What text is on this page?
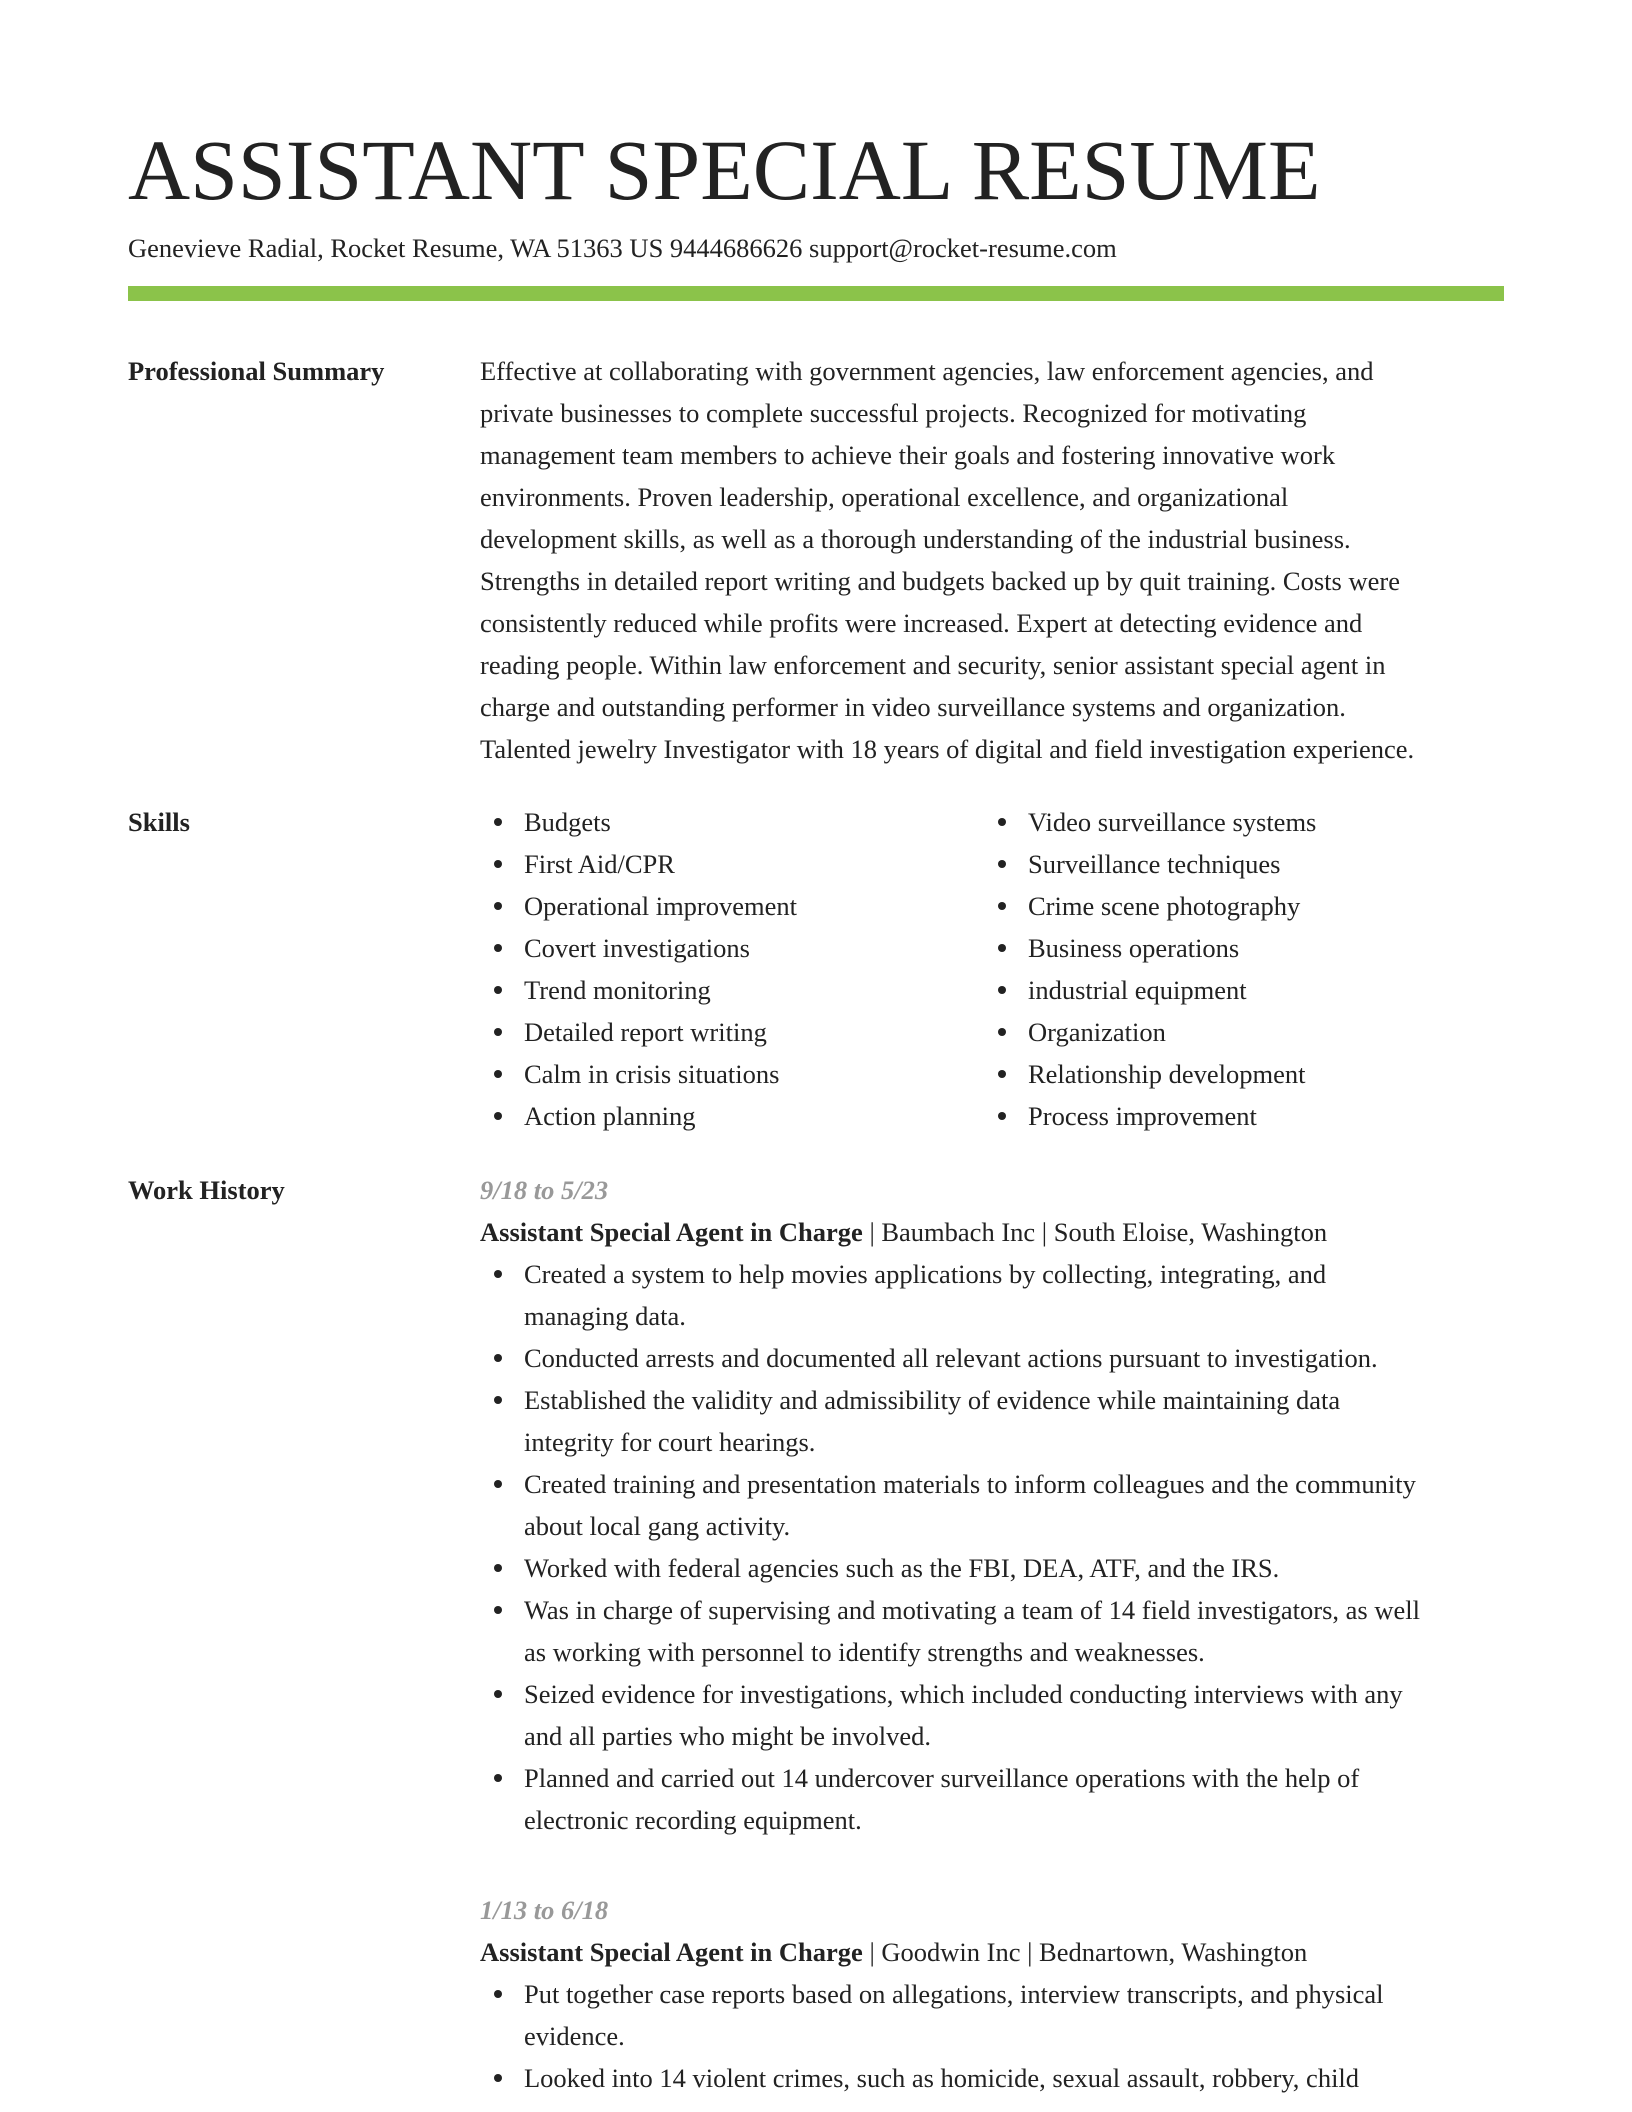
ASSISTANT SPECIAL RESUME
Genevieve Radial, Rocket Resume, WA 51363 US 9444686626 support@rocket-resume.com
Professional Summary	Effective at collaborating with government agencies, law enforcement agencies, and
private businesses to complete successful projects. Recognized for motivating
management team members to achieve their goals and fostering innovative work
environments. Proven leadership, operational excellence, and organizational
development skills, as well as a thorough understanding of the industrial business.
Strengths in detailed report writing and budgets backed up by quit training. Costs were
consistently reduced while profits were increased. Expert at detecting evidence and
reading people. Within law enforcement and security, senior assistant special agent in
charge and outstanding performer in video surveillance systems and organization.
Talented jewelry Investigator with 18 years of digital and field investigation experience.
Skills	Budgets
First Aid/CPR
Operational improvement
Covert investigations
Trend monitoring
Detailed report writing
Calm in crisis situations
Action planning
Video surveillance systems
Surveillance techniques
Crime scene photography
Business operations
industrial equipment
Organization
Relationship development
Process improvement
Work History	9/18 to 5/23
Assistant Special Agent in Charge | Baumbach Inc | South Eloise, Washington
Created a system to help movies applications by collecting, integrating, and
managing data.
Conducted arrests and documented all relevant actions pursuant to investigation.
Established the validity and admissibility of evidence while maintaining data
integrity for court hearings.
Created training and presentation materials to inform colleagues and the community
about local gang activity.
Worked with federal agencies such as the FBI, DEA, ATF, and the IRS.
Was in charge of supervising and motivating a team of 14 field investigators, as well
as working with personnel to identify strengths and weaknesses.
Seized evidence for investigations, which included conducting interviews with any
and all parties who might be involved.
Planned and carried out 14 undercover surveillance operations with the help of
electronic recording equipment.
1/13 to 6/18
Assistant Special Agent in Charge | Goodwin Inc | Bednartown, Washington
Put together case reports based on allegations, interview transcripts, and physical
evidence.
Looked into 14 violent crimes, such as homicide, sexual assault, robbery, child
